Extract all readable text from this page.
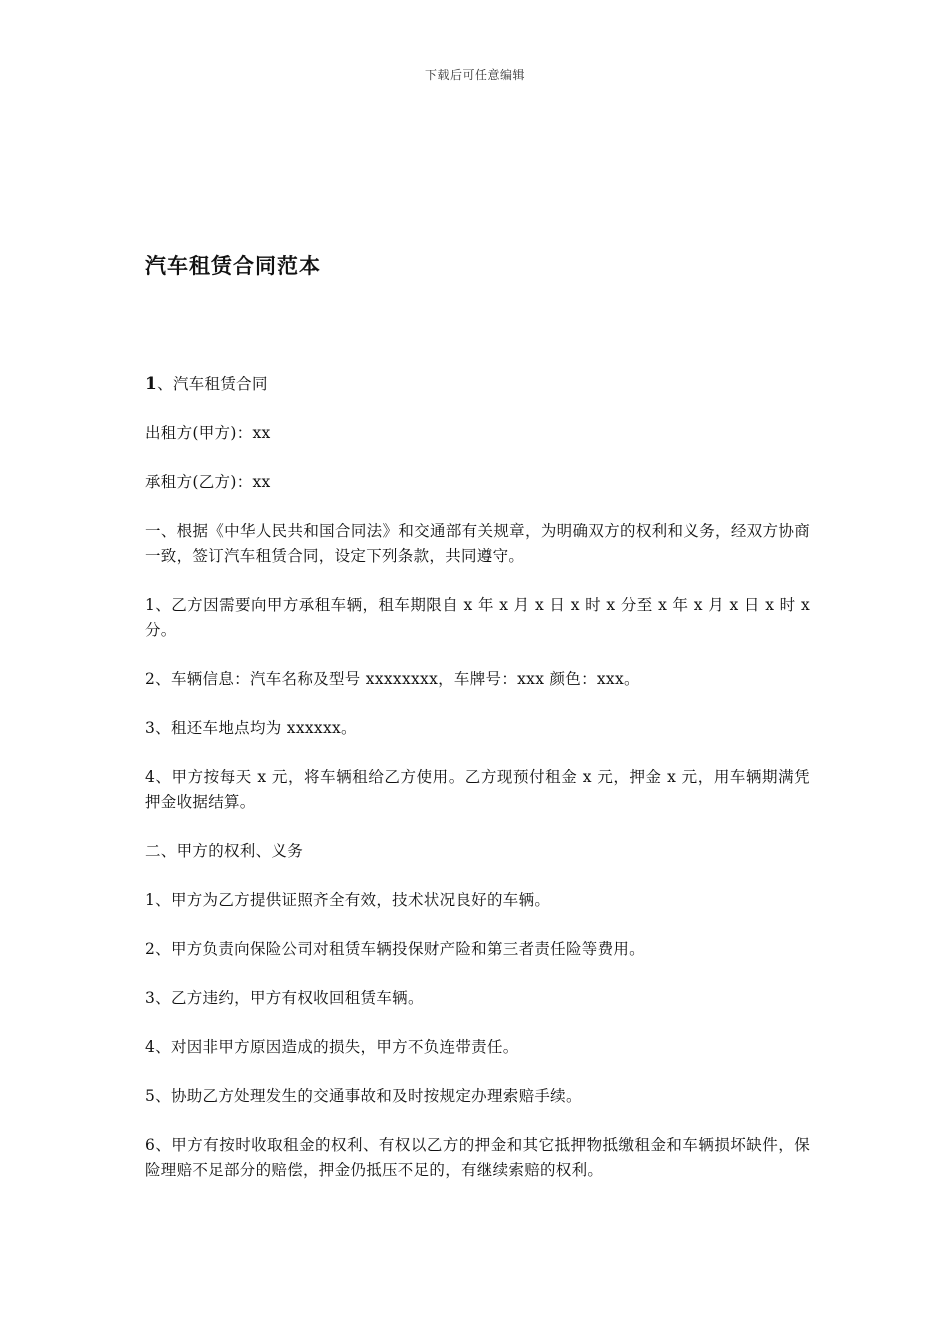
下载后可任意编辑
汽车租赁合同范本

1、汽车租赁合同

出租方(甲方)：xx

承租方(乙方)：xx

一、根据《中华人民共和国合同法》和交通部有关规章，为明确双方的权利和义务，经双方协商一致，签订汽车租赁合同，设定下列条款，共同遵守。

1、乙方因需要向甲方承租车辆，租车期限自 x 年 x 月 x 日 x 时 x 分至 x 年 x 月 x 日 x 时 x 分。

2、车辆信息：汽车名称及型号 xxxxxxxx，车牌号：xxx 颜色：xxx。

3、租还车地点均为 xxxxxx。

4、甲方按每天 x 元，将车辆租给乙方使用。乙方现预付租金 x 元，押金 x 元，用车辆期满凭押金收据结算。

二、甲方的权利、义务

1、甲方为乙方提供证照齐全有效，技术状况良好的车辆。

2、甲方负责向保险公司对租赁车辆投保财产险和第三者责任险等费用。

3、乙方违约，甲方有权收回租赁车辆。

4、对因非甲方原因造成的损失，甲方不负连带责任。

5、协助乙方处理发生的交通事故和及时按规定办理索赔手续。

6、甲方有按时收取租金的权利、有权以乙方的押金和其它抵押物抵缴租金和车辆损坏缺件，保险理赔不足部分的赔偿，押金仍抵压不足的，有继续索赔的权利。
